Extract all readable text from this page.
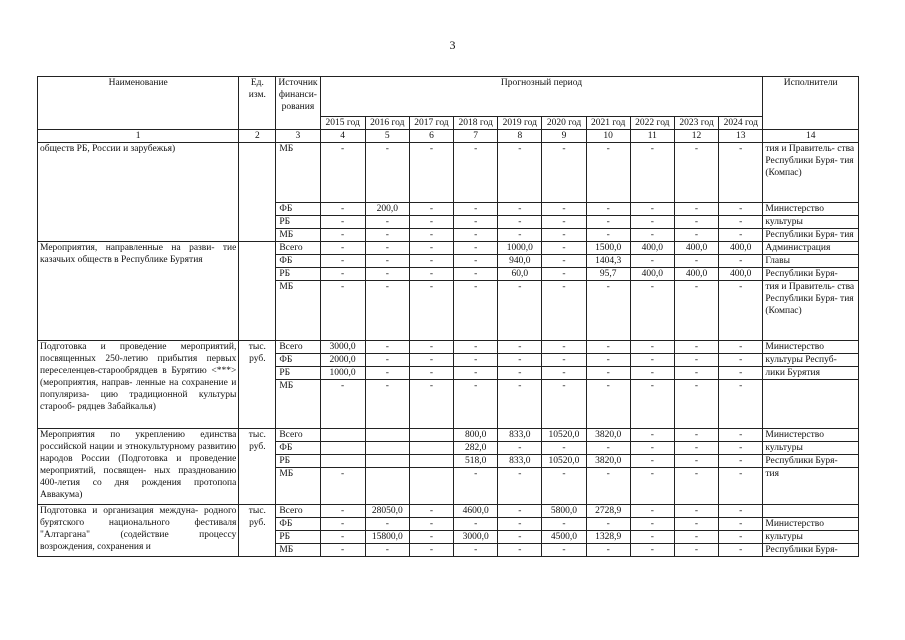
3
Наименование	Ед. изм.	Источник финанси- рования	Прогнозный период										Исполнители
			2015 год	2016 год	2017 год	2018 год	2019 год	2020 год	2021 год	2022 год	2023 год	2024 год	
1	2	3	4	5	6	7	8	9	10	11	12	13	14
обществ РБ, России и зарубежья)		МБ	-	-	-	-	-	-	-	-	-	-	тия и Правитель- ства Республики Буря- тия (Компас)
		ФБ	-	200,0	-	-	-	-	-	-	-	-	Министерство
		РБ	-	-	-	-	-	-	-	-	-	-	культуры
		МБ	-	-	-	-	-	-	-	-	-	-	Республики Буря- тия
Мероприятия, направленные на разви- тие казачьих обществ в Республике Бурятия		Всего	-	-	-	-	1000,0	-	1500,0	400,0	400,0	400,0	Администрация
		ФБ	-	-	-	-	940,0	-	1404,3	-	-	-	Главы
		РБ	-	-	-	-	60,0	-	95,7	400,0	400,0	400,0	Республики Буря-
		МБ	-	-	-	-	-	-	-	-	-	-	тия и Правитель- ства Республики Буря- тия (Компас)
Подготовка и проведение мероприятий, посвященных 250-летию прибытия первых переселенцев-старообрядцев в Бурятию <***> (мероприятия, направ- ленные на сохранение и популяриза- цию традиционной культуры старооб- рядцев Забайкалья)	тыс. руб.	Всего	3000,0	-	-	-	-	-	-	-	-	-	Министерство
		ФБ	2000,0	-	-	-	-	-	-	-	-	-	культуры Респуб-
		РБ	1000,0	-	-	-	-	-	-	-	-	-	лики Бурятия
		МБ	-	-	-	-	-	-	-	-	-	-	
Мероприятия по укреплению единства российской нации и этнокультурному развитию народов России (Подготовка и проведение мероприятий, посвящен- ных празднованию 400-летия со дня рождения протопопа Аввакума)	тыс. руб.	Всего				800,0	833,0	10520,0	3820,0	-	-	-	Министерство
		ФБ				282,0	-	-	-	-	-	-	культуры
		РБ				518,0	833,0	10520,0	3820,0	-	-	-	Республики Буря-
		МБ	-			-	-	-	-	-	-	-	тия
Подготовка и организация междуна- родного бурятского национального фестиваля "Алтаргана" (содействие процессу возрождения, сохранения и	тыс. руб.	Всего	-	28050,0	-	4600,0	-	5800,0	2728,9	-	-	-	
		ФБ	-	-	-	-	-	-	-	-	-	-	Министерство
		РБ	-	15800,0	-	3000,0	-	4500,0	1328,9	-	-	-	культуры
		МБ	-	-	-	-	-	-	-	-	-	-	Республики Буря-
